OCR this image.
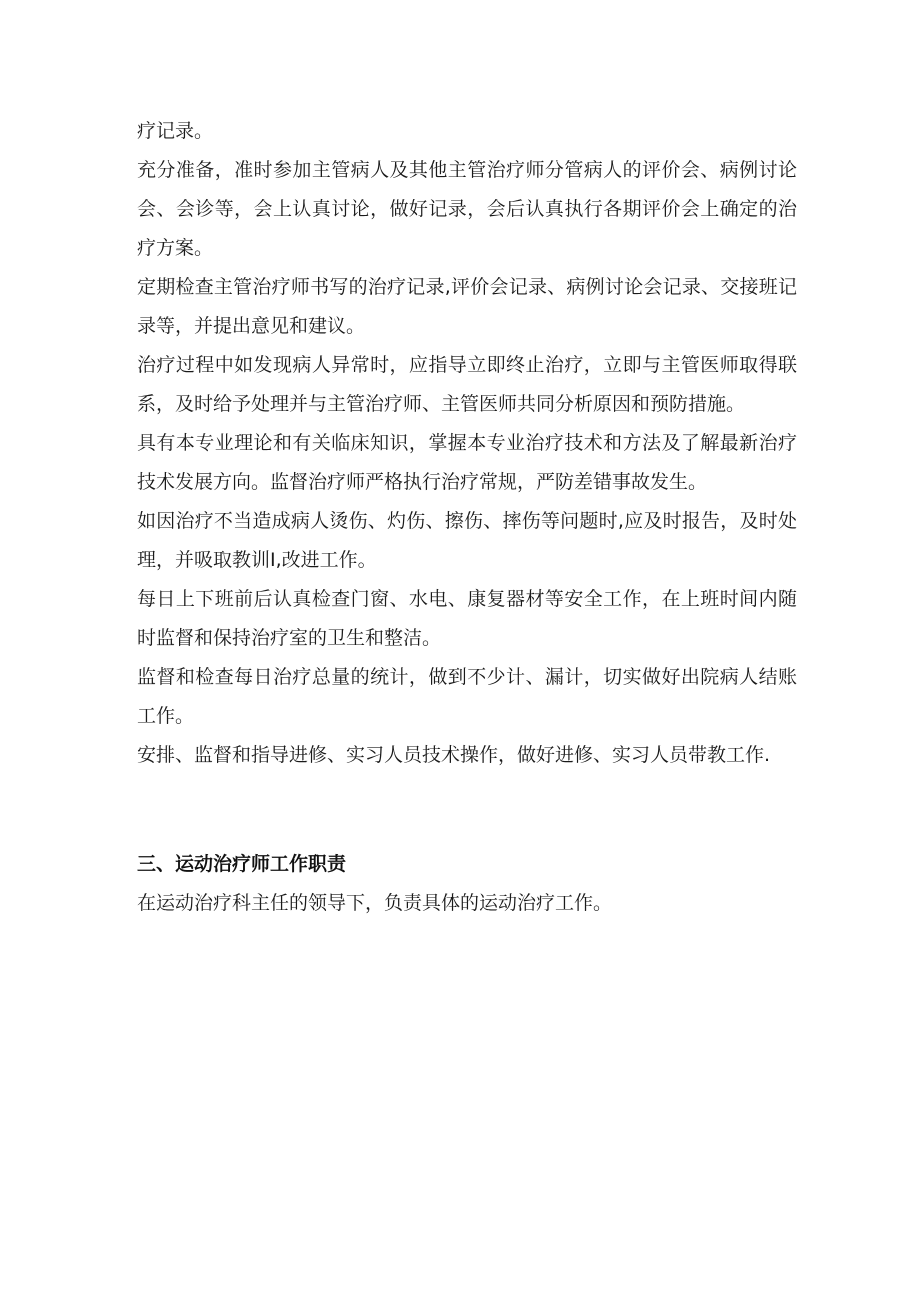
疗记录。

充分准备，准时参加主管病人及其他主管治疗师分管病人的评价会、病例讨论会、会诊等，会上认真讨论，做好记录，会后认真执行各期评价会上确定的治疗方案。

定期检查主管治疗师书写的治疗记录,评价会记录、病例讨论会记录、交接班记录等，并提出意见和建议。

治疗过程中如发现病人异常时，应指导立即终止治疗，立即与主管医师取得联系，及时给予处理并与主管治疗师、主管医师共同分析原因和预防措施。

具有本专业理论和有关临床知识，掌握本专业治疗技术和方法及了解最新治疗技术发展方向。监督治疗师严格执行治疗常规，严防差错事故发生。

如因治疗不当造成病人烫伤、灼伤、擦伤、摔伤等问题时,应及时报告，及时处理，并吸取教训Ⅰ,改进工作。

每日上下班前后认真检查门窗、水电、康复器材等安全工作，在上班时间内随时监督和保持治疗室的卫生和整洁。

监督和检查每日治疗总量的统计，做到不少计、漏计，切实做好出院病人结账工作。

安排、监督和指导进修、实习人员技术操作，做好进修、实习人员带教工作.

三、运动治疗师工作职责

在运动治疗科主任的领导下，负责具体的运动治疗工作。
